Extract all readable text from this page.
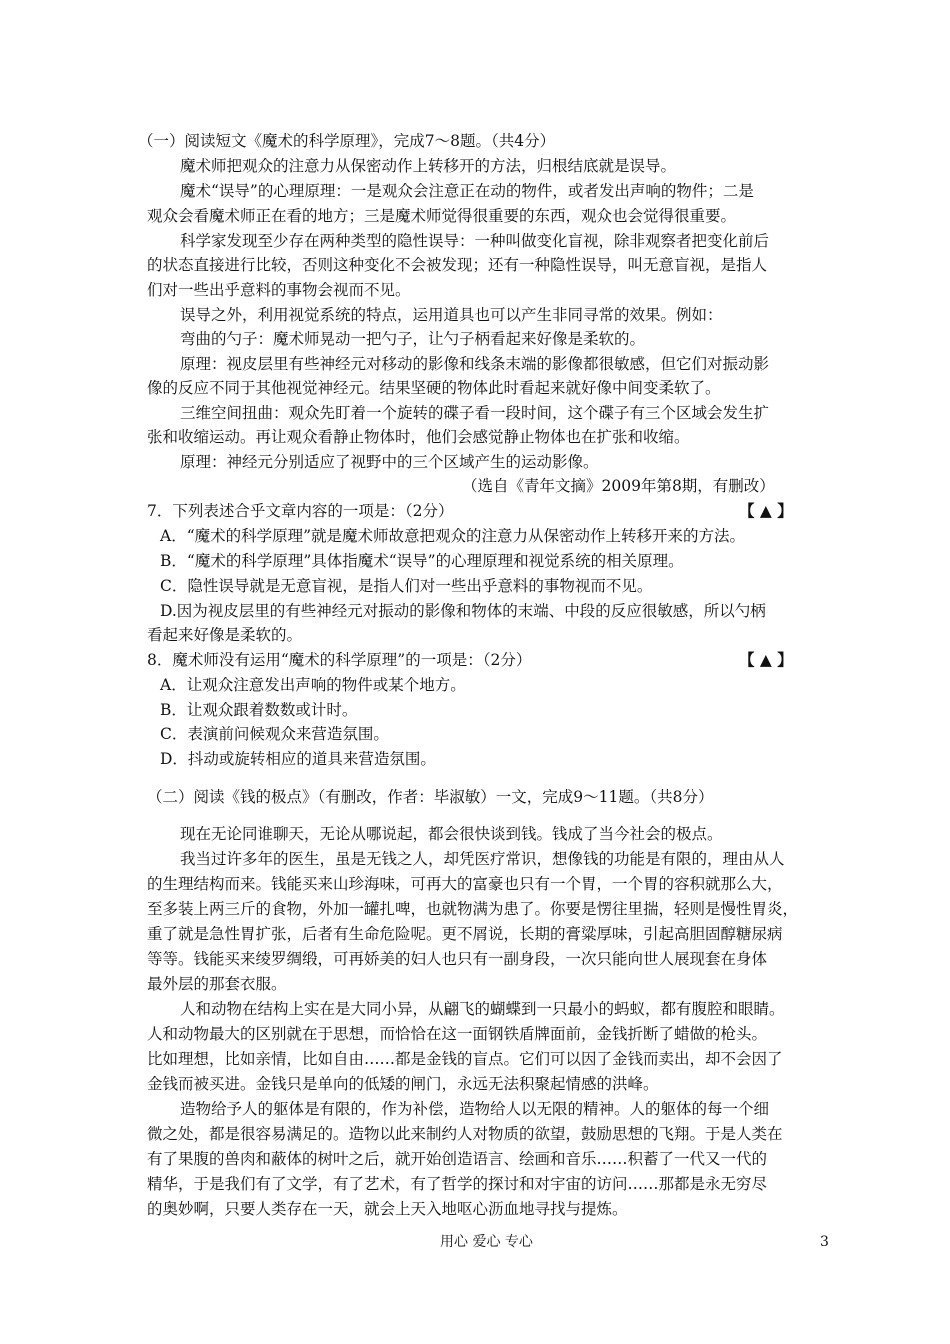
（一）阅读短文《魔术的科学原理》，完成7～8题。（共4分）
魔术师把观众的注意力从保密动作上转移开的方法，归根结底就是误导。
魔术“误导”的心理原理：一是观众会注意正在动的物件，或者发出声响的物件；二是
观众会看魔术师正在看的地方；三是魔术师觉得很重要的东西，观众也会觉得很重要。
科学家发现至少存在两种类型的隐性误导：一种叫做变化盲视，除非观察者把变化前后
的状态直接进行比较，否则这种变化不会被发现；还有一种隐性误导，叫无意盲视，是指人
们对一些出乎意料的事物会视而不见。
误导之外，利用视觉系统的特点，运用道具也可以产生非同寻常的效果。例如：
弯曲的勺子：魔术师晃动一把勺子，让勺子柄看起来好像是柔软的。
原理：视皮层里有些神经元对移动的影像和线条末端的影像都很敏感，但它们对振动影
像的反应不同于其他视觉神经元。结果坚硬的物体此时看起来就好像中间变柔软了。
三维空间扭曲：观众先盯着一个旋转的碟子看一段时间，这个碟子有三个区域会发生扩
张和收缩运动。再让观众看静止物体时，他们会感觉静止物体也在扩张和收缩。
原理：神经元分别适应了视野中的三个区域产生的运动影像。
（选自《青年文摘》2009年第8期，有删改）
7．下列表述合乎文章内容的一项是：（2分）	【 ▲ 】
A．“魔术的科学原理”就是魔术师故意把观众的注意力从保密动作上转移开来的方法。
B．“魔术的科学原理”具体指魔术“误导”的心理原理和视觉系统的相关原理。
C．隐性误导就是无意盲视，是指人们对一些出乎意料的事物视而不见。
D.因为视皮层里的有些神经元对振动的影像和物体的末端、中段的反应很敏感，所以勺柄
看起来好像是柔软的。
8．魔术师没有运用“魔术的科学原理”的一项是：（2分）	【 ▲ 】
A．让观众注意发出声响的物件或某个地方。
B．让观众跟着数数或计时。
C．表演前问候观众来营造氛围。
D．抖动或旋转相应的道具来营造氛围。
（二）阅读《钱的极点》（有删改，作者：毕淑敏）一文，完成9～11题。（共8分）
现在无论同谁聊天，无论从哪说起，都会很快谈到钱。钱成了当今社会的极点。
我当过许多年的医生，虽是无钱之人，却凭医疗常识，想像钱的功能是有限的，理由从人
的生理结构而来。钱能买来山珍海味，可再大的富豪也只有一个胃，一个胃的容积就那么大，
至多装上两三斤的食物，外加一罐扎啤，也就物满为患了。你要是愣往里揣，轻则是慢性胃炎，
重了就是急性胃扩张，后者有生命危险呢。更不屑说，长期的膏粱厚味，引起高胆固醇糖尿病
等等。钱能买来绫罗绸缎，可再娇美的妇人也只有一副身段，一次只能向世人展现套在身体
最外层的那套衣服。
人和动物在结构上实在是大同小异，从翩飞的蝴蝶到一只最小的蚂蚁，都有腹腔和眼睛。
人和动物最大的区别就在于思想，而恰恰在这一面钢铁盾牌面前，金钱折断了蜡做的枪头。
比如理想，比如亲情，比如自由……都是金钱的盲点。它们可以因了金钱而卖出，却不会因了
金钱而被买进。金钱只是单向的低矮的闸门，永远无法积聚起情感的洪峰。
造物给予人的躯体是有限的，作为补偿，造物给人以无限的精神。人的躯体的每一个细
微之处，都是很容易满足的。造物以此来制约人对物质的欲望，鼓励思想的飞翔。于是人类在
有了果腹的兽肉和蔽体的树叶之后，就开始创造语言、绘画和音乐……积蓄了一代又一代的
精华，于是我们有了文学，有了艺术，有了哲学的探讨和对宇宙的访问……那都是永无穷尽
的奥妙啊，只要人类存在一天，就会上天入地呕心沥血地寻找与提炼。
用心 爱心 专心	3
